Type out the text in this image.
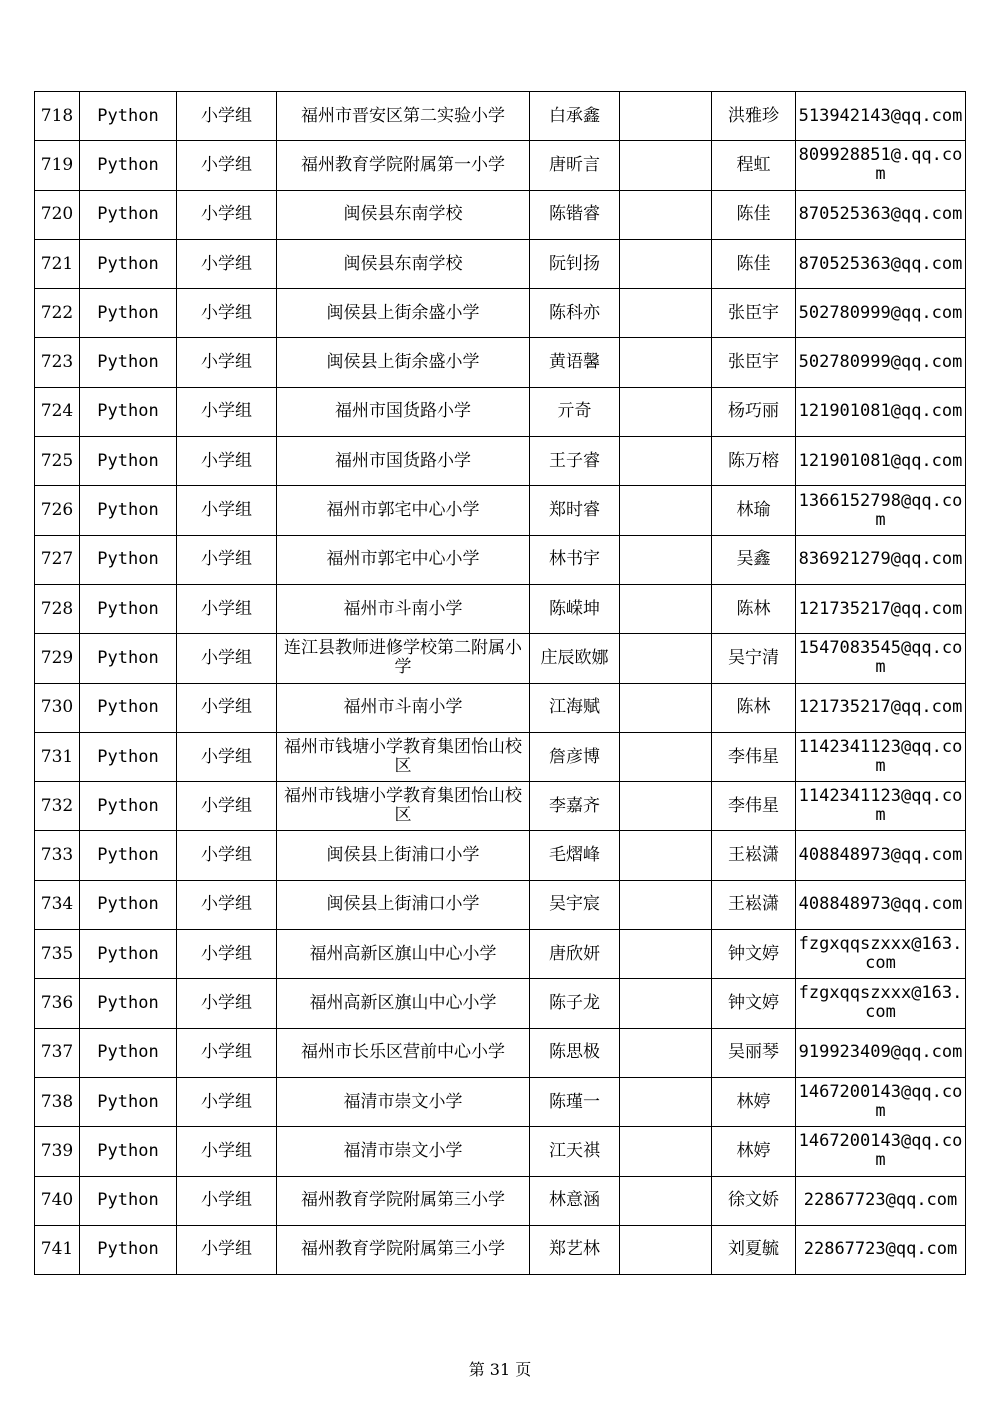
718	Python	小学组	福州市晋安区第二实验小学	白承鑫		洪雅珍	513942143@qq.com
719	Python	小学组	福州教育学院附属第一小学	唐昕言		程虹	809928851@.qq.com
720	Python	小学组	闽侯县东南学校	陈锴睿		陈佳	870525363@qq.com
721	Python	小学组	闽侯县东南学校	阮钊扬		陈佳	870525363@qq.com
722	Python	小学组	闽侯县上街余盛小学	陈科亦		张臣宇	502780999@qq.com
723	Python	小学组	闽侯县上街余盛小学	黄语馨		张臣宇	502780999@qq.com
724	Python	小学组	福州市国货路小学	亓奇		杨巧丽	121901081@qq.com
725	Python	小学组	福州市国货路小学	王子睿		陈万榕	121901081@qq.com
726	Python	小学组	福州市郭宅中心小学	郑时睿		林瑜	1366152798@qq.com
727	Python	小学组	福州市郭宅中心小学	林书宇		吴鑫	836921279@qq.com
728	Python	小学组	福州市斗南小学	陈嵘坤		陈林	121735217@qq.com
729	Python	小学组	连江县教师进修学校第二附属小学	庄辰欧娜		吴宁清	1547083545@qq.com
730	Python	小学组	福州市斗南小学	江海赋		陈林	121735217@qq.com
731	Python	小学组	福州市钱塘小学教育集团怡山校区	詹彦博		李伟星	1142341123@qq.com
732	Python	小学组	福州市钱塘小学教育集团怡山校区	李嘉齐		李伟星	1142341123@qq.com
733	Python	小学组	闽侯县上街浦口小学	毛熠峰		王崧潇	408848973@qq.com
734	Python	小学组	闽侯县上街浦口小学	吴宇宸		王崧潇	408848973@qq.com
735	Python	小学组	福州高新区旗山中心小学	唐欣妍		钟文婷	fzgxqqszxxx@163.com
736	Python	小学组	福州高新区旗山中心小学	陈子龙		钟文婷	fzgxqqszxxx@163.com
737	Python	小学组	福州市长乐区营前中心小学	陈思极		吴丽琴	919923409@qq.com
738	Python	小学组	福清市崇文小学	陈瑾一		林婷	1467200143@qq.com
739	Python	小学组	福清市崇文小学	江天祺		林婷	1467200143@qq.com
740	Python	小学组	福州教育学院附属第三小学	林意涵		徐文娇	22867723@qq.com
741	Python	小学组	福州教育学院附属第三小学	郑艺林		刘夏毓	22867723@qq.com
第 31 页
